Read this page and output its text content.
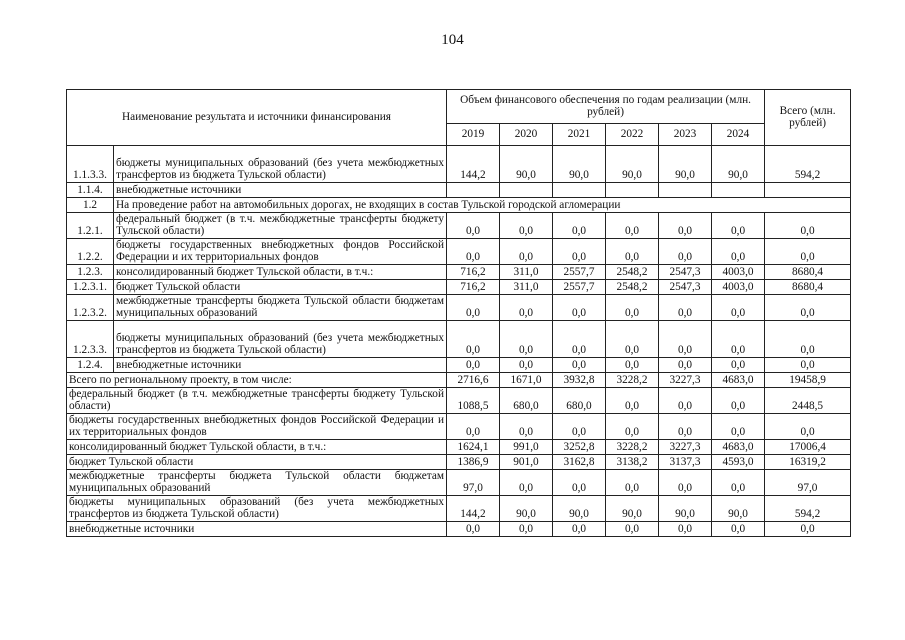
104
Наименование результата и источники финансирования		Объем финансового обеспечения по годам реализации (млн. рублей)						Всего (млн. рублей)
		2019	2020	2021	2022	2023	2024	
1.1.3.3.	бюджеты муниципальных образований (без учета межбюджетных трансфертов из бюджета Тульской области)	144,2	90,0	90,0	90,0	90,0	90,0	594,2
1.1.4.	внебюджетные источники							
1.2	На проведение работ на автомобильных дорогах, не входящих в состав Тульской городской агломерации							
1.2.1.	федеральный бюджет (в т.ч. межбюджетные трансферты бюджету Тульской области)	0,0	0,0	0,0	0,0	0,0	0,0	0,0
1.2.2.	бюджеты государственных внебюджетных фондов Российской Федерации и их территориальных фондов	0,0	0,0	0,0	0,0	0,0	0,0	0,0
1.2.3.	консолидированный бюджет Тульской области, в т.ч.:	716,2	311,0	2557,7	2548,2	2547,3	4003,0	8680,4
1.2.3.1.	бюджет Тульской области	716,2	311,0	2557,7	2548,2	2547,3	4003,0	8680,4
1.2.3.2.	межбюджетные трансферты бюджета Тульской области бюджетам муниципальных образований	0,0	0,0	0,0	0,0	0,0	0,0	0,0
1.2.3.3.	бюджеты муниципальных образований (без учета межбюджетных трансфертов из бюджета Тульской области)	0,0	0,0	0,0	0,0	0,0	0,0	0,0
1.2.4.	внебюджетные источники	0,0	0,0	0,0	0,0	0,0	0,0	0,0
Всего по региональному проекту, в том числе:		2716,6	1671,0	3932,8	3228,2	3227,3	4683,0	19458,9
федеральный бюджет (в т.ч. межбюджетные трансферты бюджету Тульской области)		1088,5	680,0	680,0	0,0	0,0	0,0	2448,5
бюджеты государственных внебюджетных фондов Российской Федерации и их территориальных фондов		0,0	0,0	0,0	0,0	0,0	0,0	0,0
консолидированный бюджет Тульской области, в т.ч.:		1624,1	991,0	3252,8	3228,2	3227,3	4683,0	17006,4
бюджет Тульской области		1386,9	901,0	3162,8	3138,2	3137,3	4593,0	16319,2
межбюджетные трансферты бюджета Тульской области бюджетам муниципальных образований		97,0	0,0	0,0	0,0	0,0	0,0	97,0
бюджеты муниципальных образований (без учета межбюджетных трансфертов из бюджета Тульской области)		144,2	90,0	90,0	90,0	90,0	90,0	594,2
внебюджетные источники		0,0	0,0	0,0	0,0	0,0	0,0	0,0
